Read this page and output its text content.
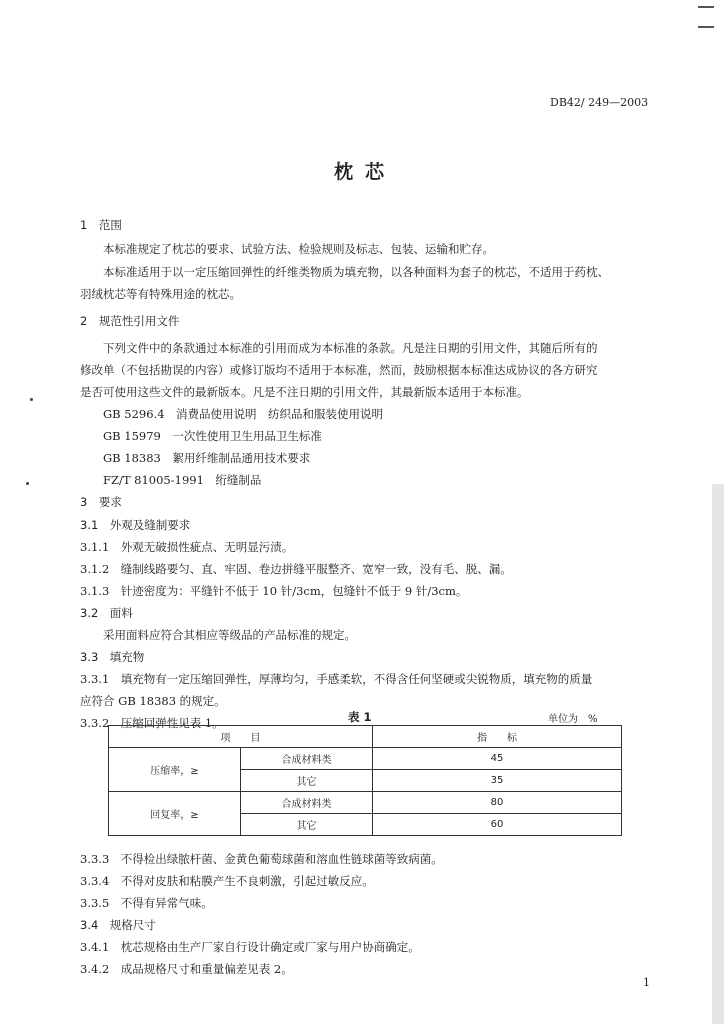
DB42/ 249—2003
枕芯
1　范围
本标准规定了枕芯的要求、试验方法、检验规则及标志、包装、运输和贮存。
本标准适用于以一定压缩回弹性的纤维类物质为填充物，以各种面料为套子的枕芯，不适用于药枕、
羽绒枕芯等有特殊用途的枕芯。
2　规范性引用文件
下列文件中的条款通过本标准的引用而成为本标准的条款。凡是注日期的引用文件，其随后所有的
修改单（不包括勘误的内容）或修订版均不适用于本标准，然而，鼓励根据本标准达成协议的各方研究
是否可使用这些文件的最新版本。凡是不注日期的引用文件，其最新版本适用于本标准。
GB 5296.4　消费品使用说明　纺织品和服装使用说明
GB 15979　一次性使用卫生用品卫生标准
GB 18383　絮用纤维制品通用技术要求
FZ/T 81005-1991　绗缝制品
3　要求
3.1　外观及缝制要求
3.1.1　外观无破损性疵点、无明显污渍。
3.1.2　缝制线路要匀、直、牢固、卷边拼缝平服整齐、宽窄一致，没有毛、脱、漏。
3.1.3　针迹密度为：平缝针不低于 10 针/3cm，包缝针不低于 9 针/3cm。
3.2　面料
采用面料应符合其相应等级品的产品标准的规定。
3.3　填充物
3.3.1　填充物有一定压缩回弹性，厚薄均匀，手感柔软，不得含任何坚硬或尖锐物质，填充物的质量
应符合 GB 18383 的规定。
3.3.2　压缩回弹性见表 1。	表 1	单位为　%
项　　目		指　　标
压缩率，≥	合成材料类	45
	其它	35
回复率，≥	合成材料类	80
	其它	60
3.3.3　不得检出绿脓杆菌、金黄色葡萄球菌和溶血性链球菌等致病菌。
3.3.4　不得对皮肤和粘膜产生不良刺激，引起过敏反应。
3.3.5　不得有异常气味。
3.4　规格尺寸
3.4.1　枕芯规格由生产厂家自行设计确定或厂家与用户协商确定。
3.4.2　成品规格尺寸和重量偏差见表 2。
1
